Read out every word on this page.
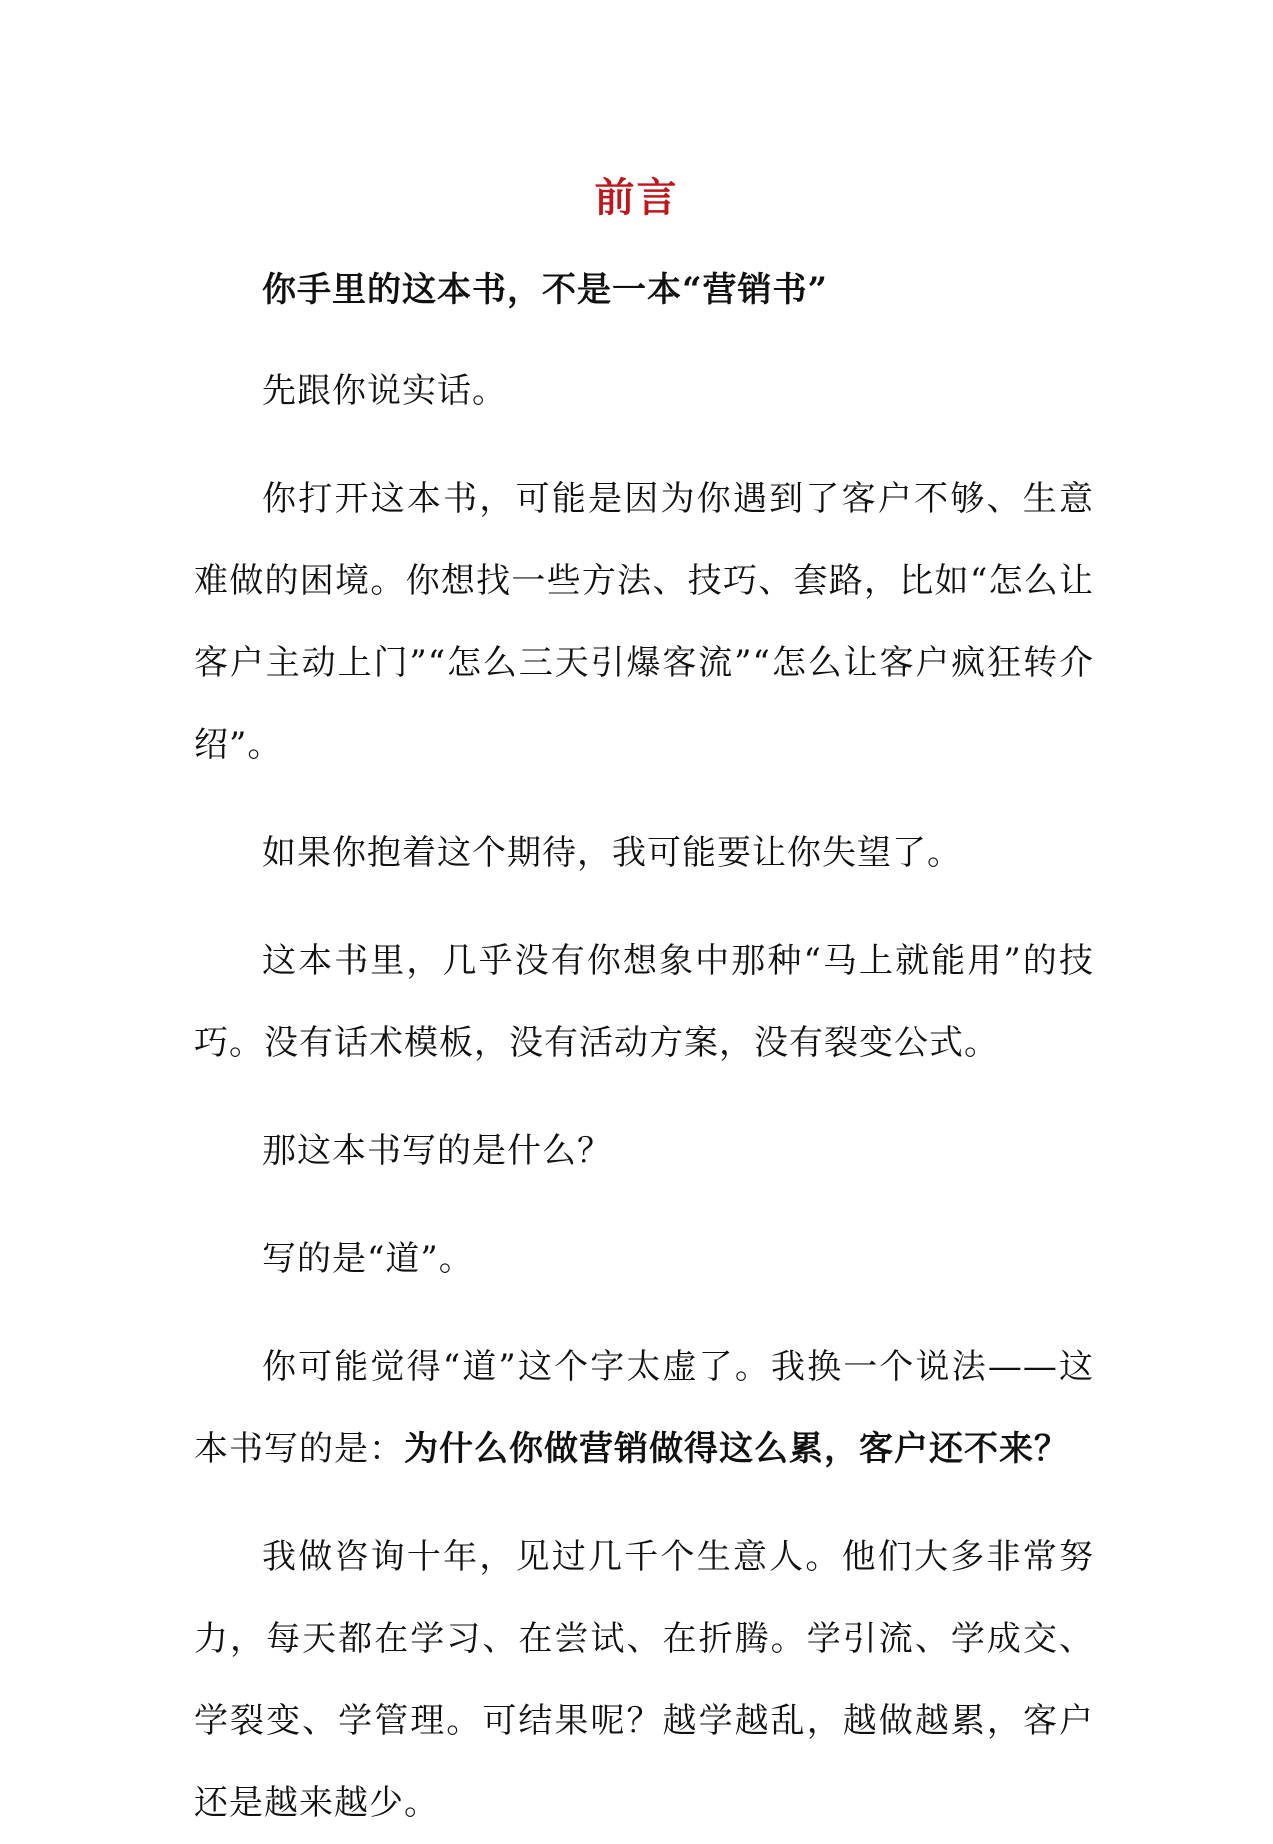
前言

你手里的这本书，不是一本“营销书”

先跟你说实话。

你打开这本书，可能是因为你遇到了客户不够、生意难做的困境。你想找一些方法、技巧、套路，比如“怎么让客户主动上门”“怎么三天引爆客流”“怎么让客户疯狂转介绍”。

如果你抱着这个期待，我可能要让你失望了。

这本书里，几乎没有你想象中那种“马上就能用”的技巧。没有话术模板，没有活动方案，没有裂变公式。

那这本书写的是什么？

写的是“道”。

你可能觉得“道”这个字太虚了。我换一个说法——这本书写的是：为什么你做营销做得这么累，客户还不来？

我做咨询十年，见过几千个生意人。他们大多非常努力，每天都在学习、在尝试、在折腾。学引流、学成交、学裂变、学管理。可结果呢？越学越乱，越做越累，客户还是越来越少。
